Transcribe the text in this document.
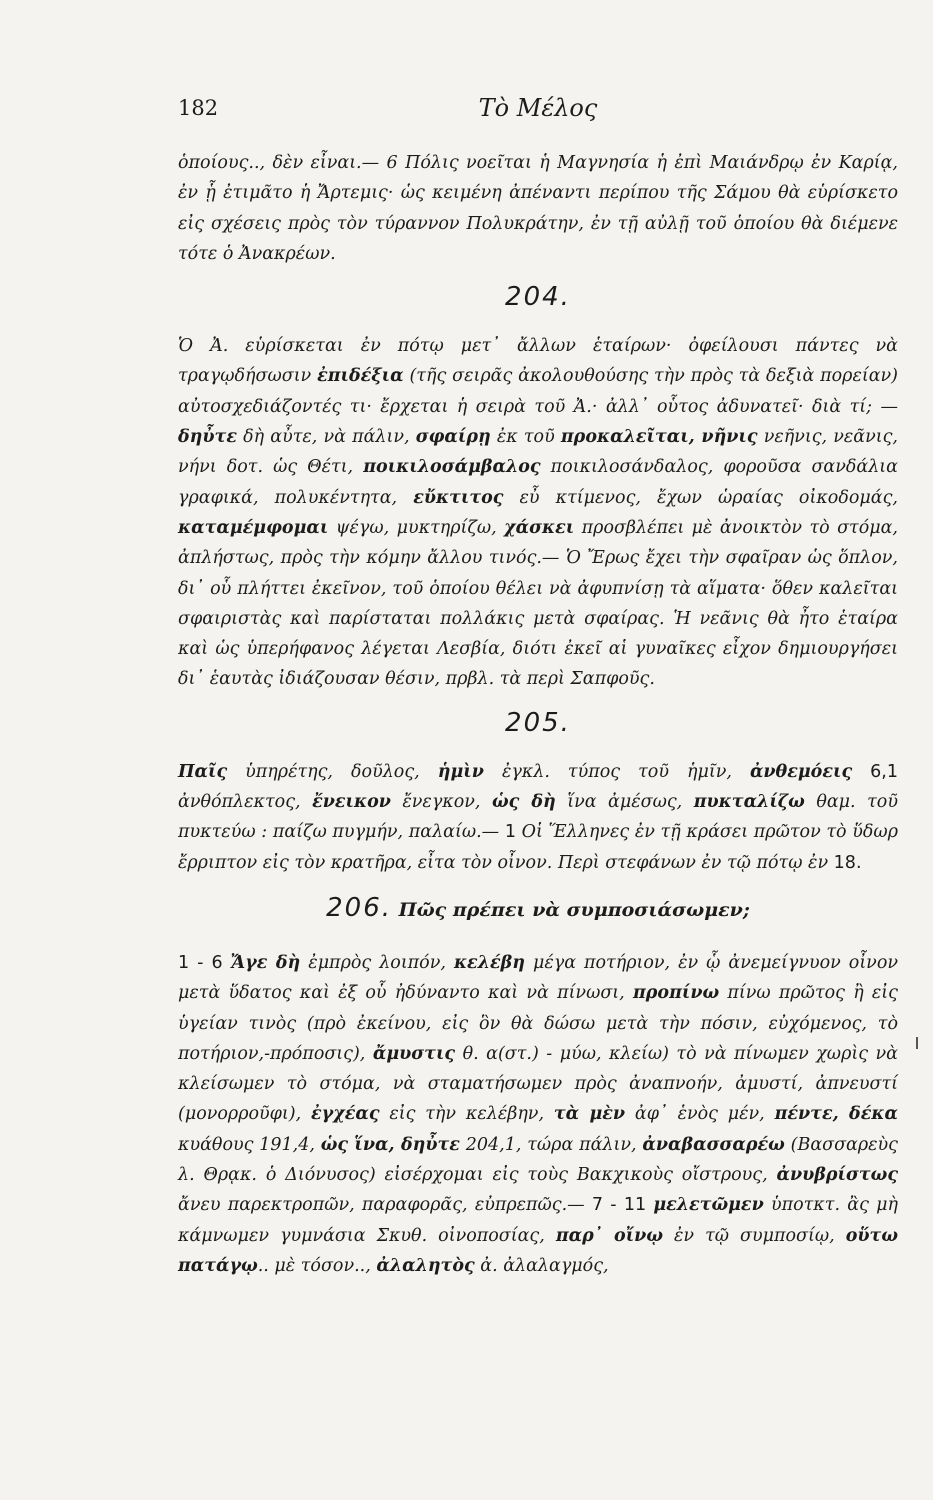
182	Τὸ Μέλος

ὁποίους.., δὲν εἶναι.— 6 Πόλις νοεῖται ἡ Μαγνησία ἡ ἐπὶ Μαιάνδρῳ ἐν Καρίᾳ, ἐν ᾗ ἐτιμᾶτο ἡ Ἄρτεμις· ὡς κειμένη ἀπέναντι περίπου τῆς Σάμου θὰ εὑρίσκετο εἰς σχέσεις πρὸς τὸν τύραννον Πολυκράτην, ἐν τῇ αὐλῇ τοῦ ὁποίου θὰ διέμενε τότε ὁ Ἀνακρέων.

204.

Ὁ Ἀ. εὑρίσκεται ἐν πότῳ μετ᾽ ἄλλων ἑταίρων· ὀφείλουσι πάντες νὰ τραγῳδήσωσιν ἐπιδέξια (τῆς σειρᾶς ἀκολουθούσης τὴν πρὸς τὰ δεξιὰ πορείαν) αὐτοσχεδιάζοντές τι· ἔρχεται ἡ σειρὰ τοῦ Ἀ.· ἀλλ᾽ οὗτος ἀδυνατεῖ· διὰ τί; — δηὖτε δὴ αὖτε, νὰ πάλιν, σφαίρῃ ἐκ τοῦ προκαλεῖται, νῆνις νεῆνις, νεᾶνις, νήνι δοτ. ὡς Θέτι, ποικιλοσάμβαλος ποικιλοσάνδαλος, φοροῦσα σανδάλια γραφικά, πολυκέντητα, εὔκτιτος εὖ κτίμενος, ἔχων ὡραίας οἰκοδομάς, καταμέμφομαι ψέγω, μυκτηρίζω, χάσκει προσβλέπει μὲ ἀνοικτὸν τὸ στόμα, ἀπλήστως, πρὸς τὴν κόμην ἄλλου τινός.— Ὁ Ἔρως ἔχει τὴν σφαῖραν ὡς ὅπλον, δι᾽ οὗ πλήττει ἐκεῖνον, τοῦ ὁποίου θέλει νὰ ἀφυπνίσῃ τὰ αἵματα· ὅθεν καλεῖται σφαιριστὰς καὶ παρίσταται πολλάκις μετὰ σφαίρας. Ἡ νεᾶνις θὰ ἦτο ἑταίρα καὶ ὡς ὑπερήφανος λέγεται Λεσβία, διότι ἐκεῖ αἱ γυναῖκες εἶχον δημιουργήσει δι᾽ ἑαυτὰς ἰδιάζουσαν θέσιν, πρβλ. τὰ περὶ Σαπφοῦς.

205.

Παῖς ὑπηρέτης, δοῦλος, ἡμὶν ἐγκλ. τύπος τοῦ ἡμῖν, ἀνθεμόεις 6,1 ἀνθόπλεκτος, ἔνεικον ἔνεγκον, ὡς δὴ ἵνα ἀμέσως, πυκταλίζω θαμ. τοῦ πυκτεύω : παίζω πυγμήν, παλαίω.— 1 Οἱ Ἕλληνες ἐν τῇ κράσει πρῶτον τὸ ὕδωρ ἔρριπτον εἰς τὸν κρατῆρα, εἶτα τὸν οἶνον. Περὶ στεφάνων ἐν τῷ πότῳ ἐν 18.

206. Πῶς πρέπει νὰ συμποσιάσωμεν;

1 - 6 Ἄγε δὴ ἐμπρὸς λοιπόν, κελέβη μέγα ποτήριον, ἐν ᾧ ἀνεμείγνυον οἶνον μετὰ ὕδατος καὶ ἐξ οὗ ἠδύναντο καὶ νὰ πίνωσι, προπίνω πίνω πρῶτος ἢ εἰς ὑγείαν τινὸς (πρὸ ἐκείνου, εἰς ὃν θὰ δώσω μετὰ τὴν πόσιν, εὐχόμενος, τὸ ποτήριον,-πρόποσις), ἄμυστις θ. α(στ.) - μύω, κλείω) τὸ νὰ πίνωμεν χωρὶς νὰ κλείσωμεν τὸ στόμα, νὰ σταματήσωμεν πρὸς ἀναπνοήν, ἀμυστί, ἀπνευστί (μονορροῦφι), ἐγχέας εἰς τὴν κελέβην, τὰ μὲν ἀφ᾽ ἑνὸς μέν, πέντε, δέκα κυάθους 191,4, ὡς ἵνα, δηὖτε 204,1, τώρα πάλιν, ἀναβασσαρέω (Βασσαρεὺς λ. Θρᾳκ. ὁ Διόνυσος) εἰσέρχομαι εἰς τοὺς Βακχικοὺς οἴστρους, ἀνυβρίστως ἄνευ παρεκτροπῶν, παραφορᾶς, εὐπρεπῶς.— 7 - 11 μελετῶμεν ὑποτκτ. ἂς μὴ κάμνωμεν γυμνάσια Σκυθ. οἰνοποσίας, παρ᾽ οἴνῳ ἐν τῷ συμποσίῳ, οὕτω πατάγῳ.. μὲ τόσον.., ἀλαλητὸς ἀ. ἀλαλαγμός,
